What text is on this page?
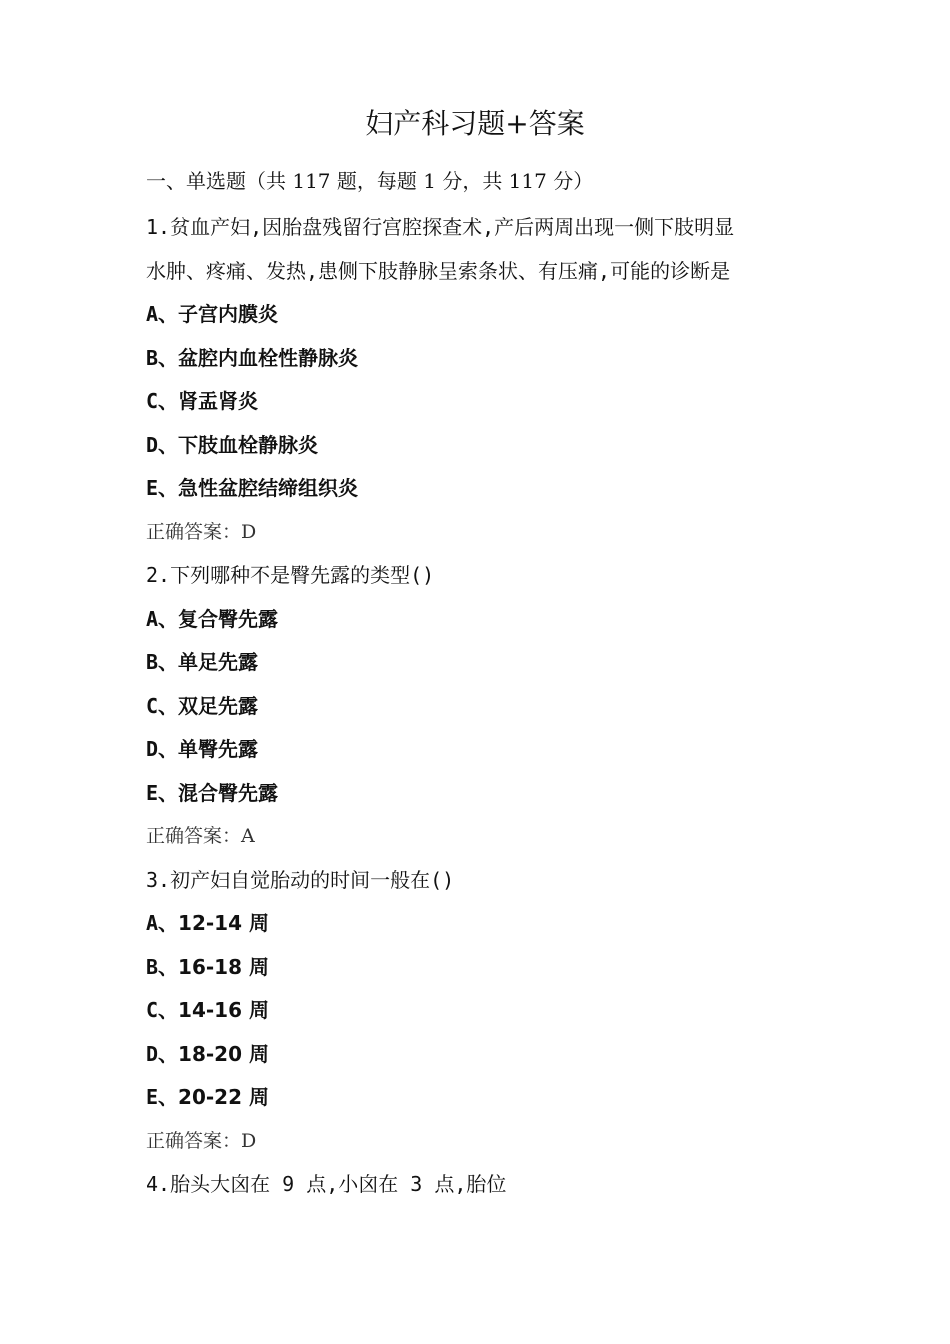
妇产科习题+答案

一、单选题（共 117 题，每题 1 分，共 117 分）

1.贫血产妇,因胎盘残留行宫腔探查术,产后两周出现一侧下肢明显

水肿、疼痛、发热,患侧下肢静脉呈索条状、有压痛,可能的诊断是

A、子宫内膜炎

B、盆腔内血栓性静脉炎

C、肾盂肾炎

D、下肢血栓静脉炎

E、急性盆腔结缔组织炎

正确答案：D

2.下列哪种不是臀先露的类型()

A、复合臀先露

B、单足先露

C、双足先露

D、单臀先露

E、混合臀先露

正确答案：A

3.初产妇自觉胎动的时间一般在()

A、12-14 周

B、16-18 周

C、14-16 周

D、18-20 周

E、20-22 周

正确答案：D

4.胎头大囟在 9 点,小囟在 3 点,胎位
